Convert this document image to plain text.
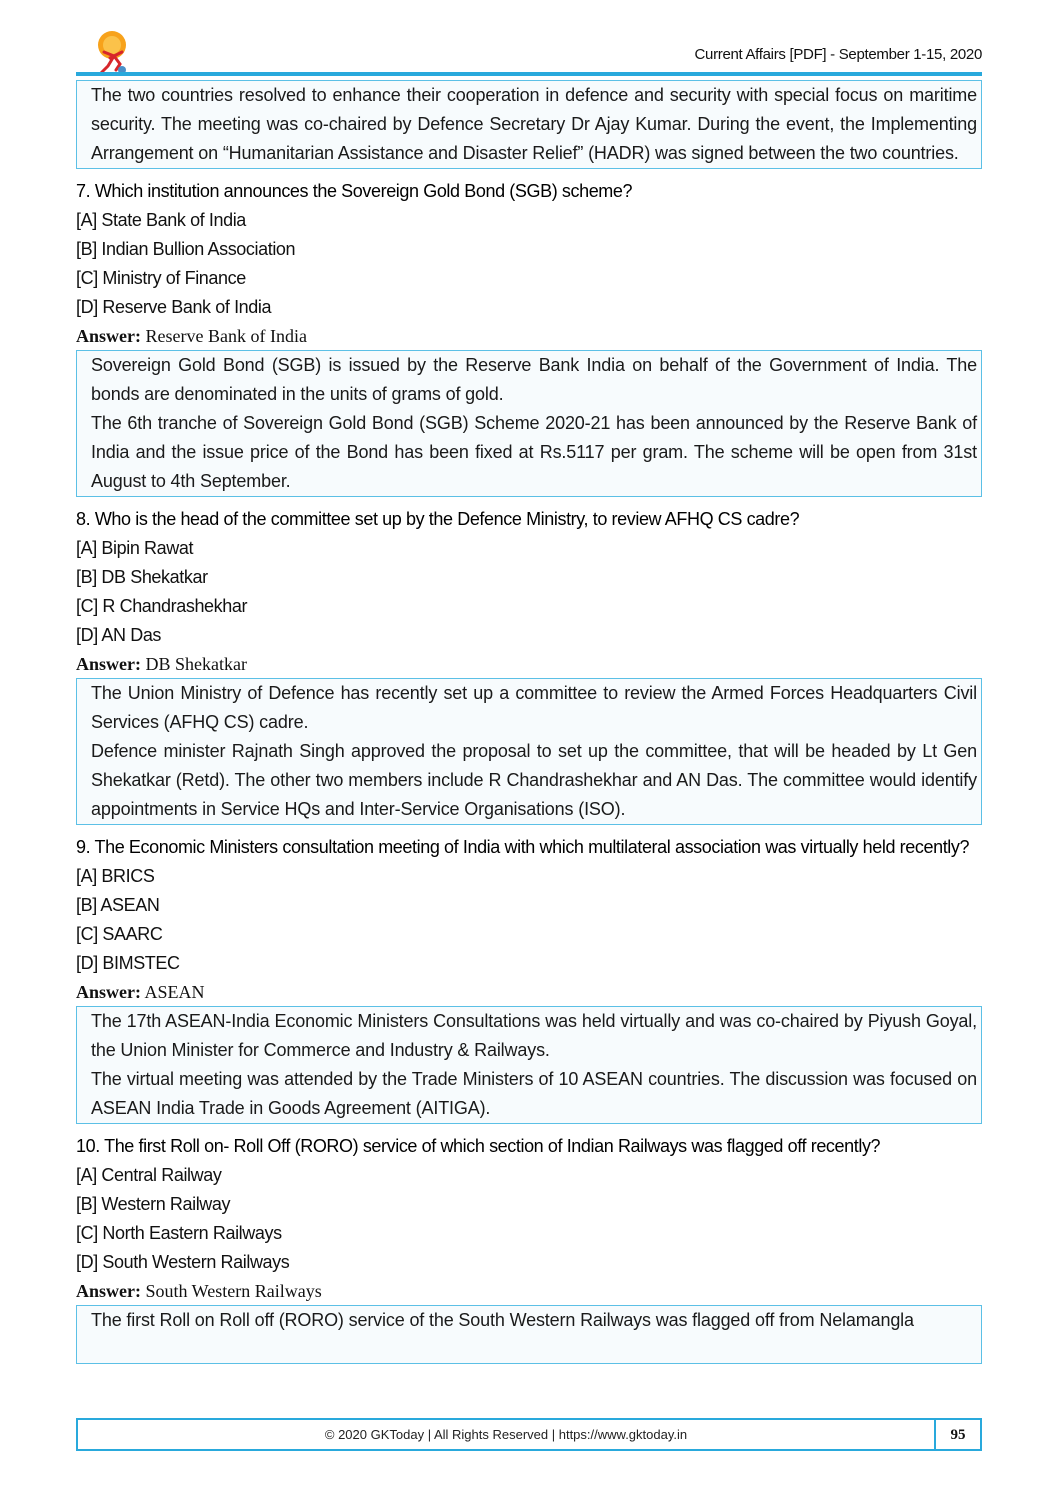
Current Affairs [PDF] - September 1-15, 2020

The two countries resolved to enhance their cooperation in defence and security with special focus on maritime security. The meeting was co-chaired by Defence Secretary Dr Ajay Kumar. During the event, the Implementing Arrangement on “Humanitarian Assistance and Disaster Relief” (HADR) was signed between the two countries.

7. Which institution announces the Sovereign Gold Bond (SGB) scheme?
[A] State Bank of India
[B] Indian Bullion Association
[C] Ministry of Finance
[D] Reserve Bank of India
Answer: Reserve Bank of India

Sovereign Gold Bond (SGB) is issued by the Reserve Bank India on behalf of the Government of India. The bonds are denominated in the units of grams of gold.

The 6th tranche of Sovereign Gold Bond (SGB) Scheme 2020-21 has been announced by the Reserve Bank of India and the issue price of the Bond has been fixed at Rs.5117 per gram. The scheme will be open from 31st August to 4th September.

8. Who is the head of the committee set up by the Defence Ministry, to review AFHQ CS cadre?
[A] Bipin Rawat
[B] DB Shekatkar
[C] R Chandrashekhar
[D] AN Das
Answer: DB Shekatkar

The Union Ministry of Defence has recently set up a committee to review the Armed Forces Headquarters Civil Services (AFHQ CS) cadre.

Defence minister Rajnath Singh approved the proposal to set up the committee, that will be headed by Lt Gen Shekatkar (Retd). The other two members include R Chandrashekhar and AN Das. The committee would identify appointments in Service HQs and Inter-Service Organisations (ISO).

9. The Economic Ministers consultation meeting of India with which multilateral association was virtually held recently?
[A] BRICS
[B] ASEAN
[C] SAARC
[D] BIMSTEC
Answer: ASEAN

The 17th ASEAN-India Economic Ministers Consultations was held virtually and was co-chaired by Piyush Goyal, the Union Minister for Commerce and Industry & Railways.

The virtual meeting was attended by the Trade Ministers of 10 ASEAN countries. The discussion was focused on ASEAN India Trade in Goods Agreement (AITIGA).

10. The first Roll on- Roll Off (RORO) service of which section of Indian Railways was flagged off recently?
[A] Central Railway
[B] Western Railway
[C] North Eastern Railways
[D] South Western Railways
Answer: South Western Railways

The first Roll on Roll off (RORO) service of the South Western Railways was flagged off from Nelamangla

© 2020 GKToday | All Rights Reserved | https://www.gktoday.in	95
